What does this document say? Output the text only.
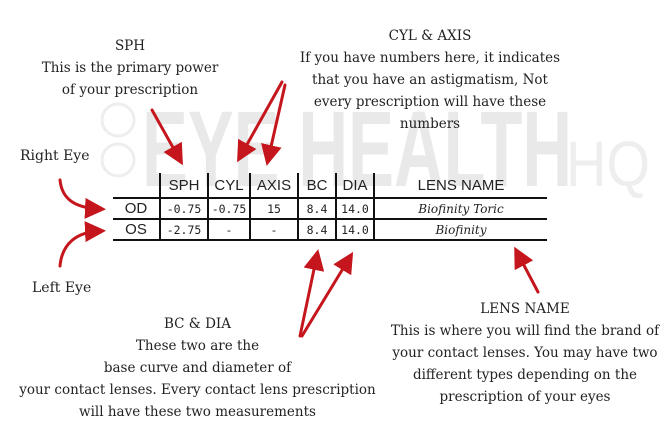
EYE HEALTH
HQ
SPH
This is the primary power
of your prescription
CYL & AXIS
If you have numbers here, it indicates
that you have an astigmatism, Not
every prescription will have these
numbers
Right Eye
Left Eye
	SPH	CYL	AXIS	BC	DIA	LENS NAME
OD	-0.75	-0.75	15	8.4	14.0	Biofinity Toric
OS	-2.75	-	-	8.4	14.0	Biofinity
BC & DIA
These two are the
base curve and diameter of
your contact lenses. Every contact lens prescription
will have these two measurements
LENS NAME
This is where you will find the brand of
your contact lenses. You may have two
different types depending on the
prescription of your eyes
